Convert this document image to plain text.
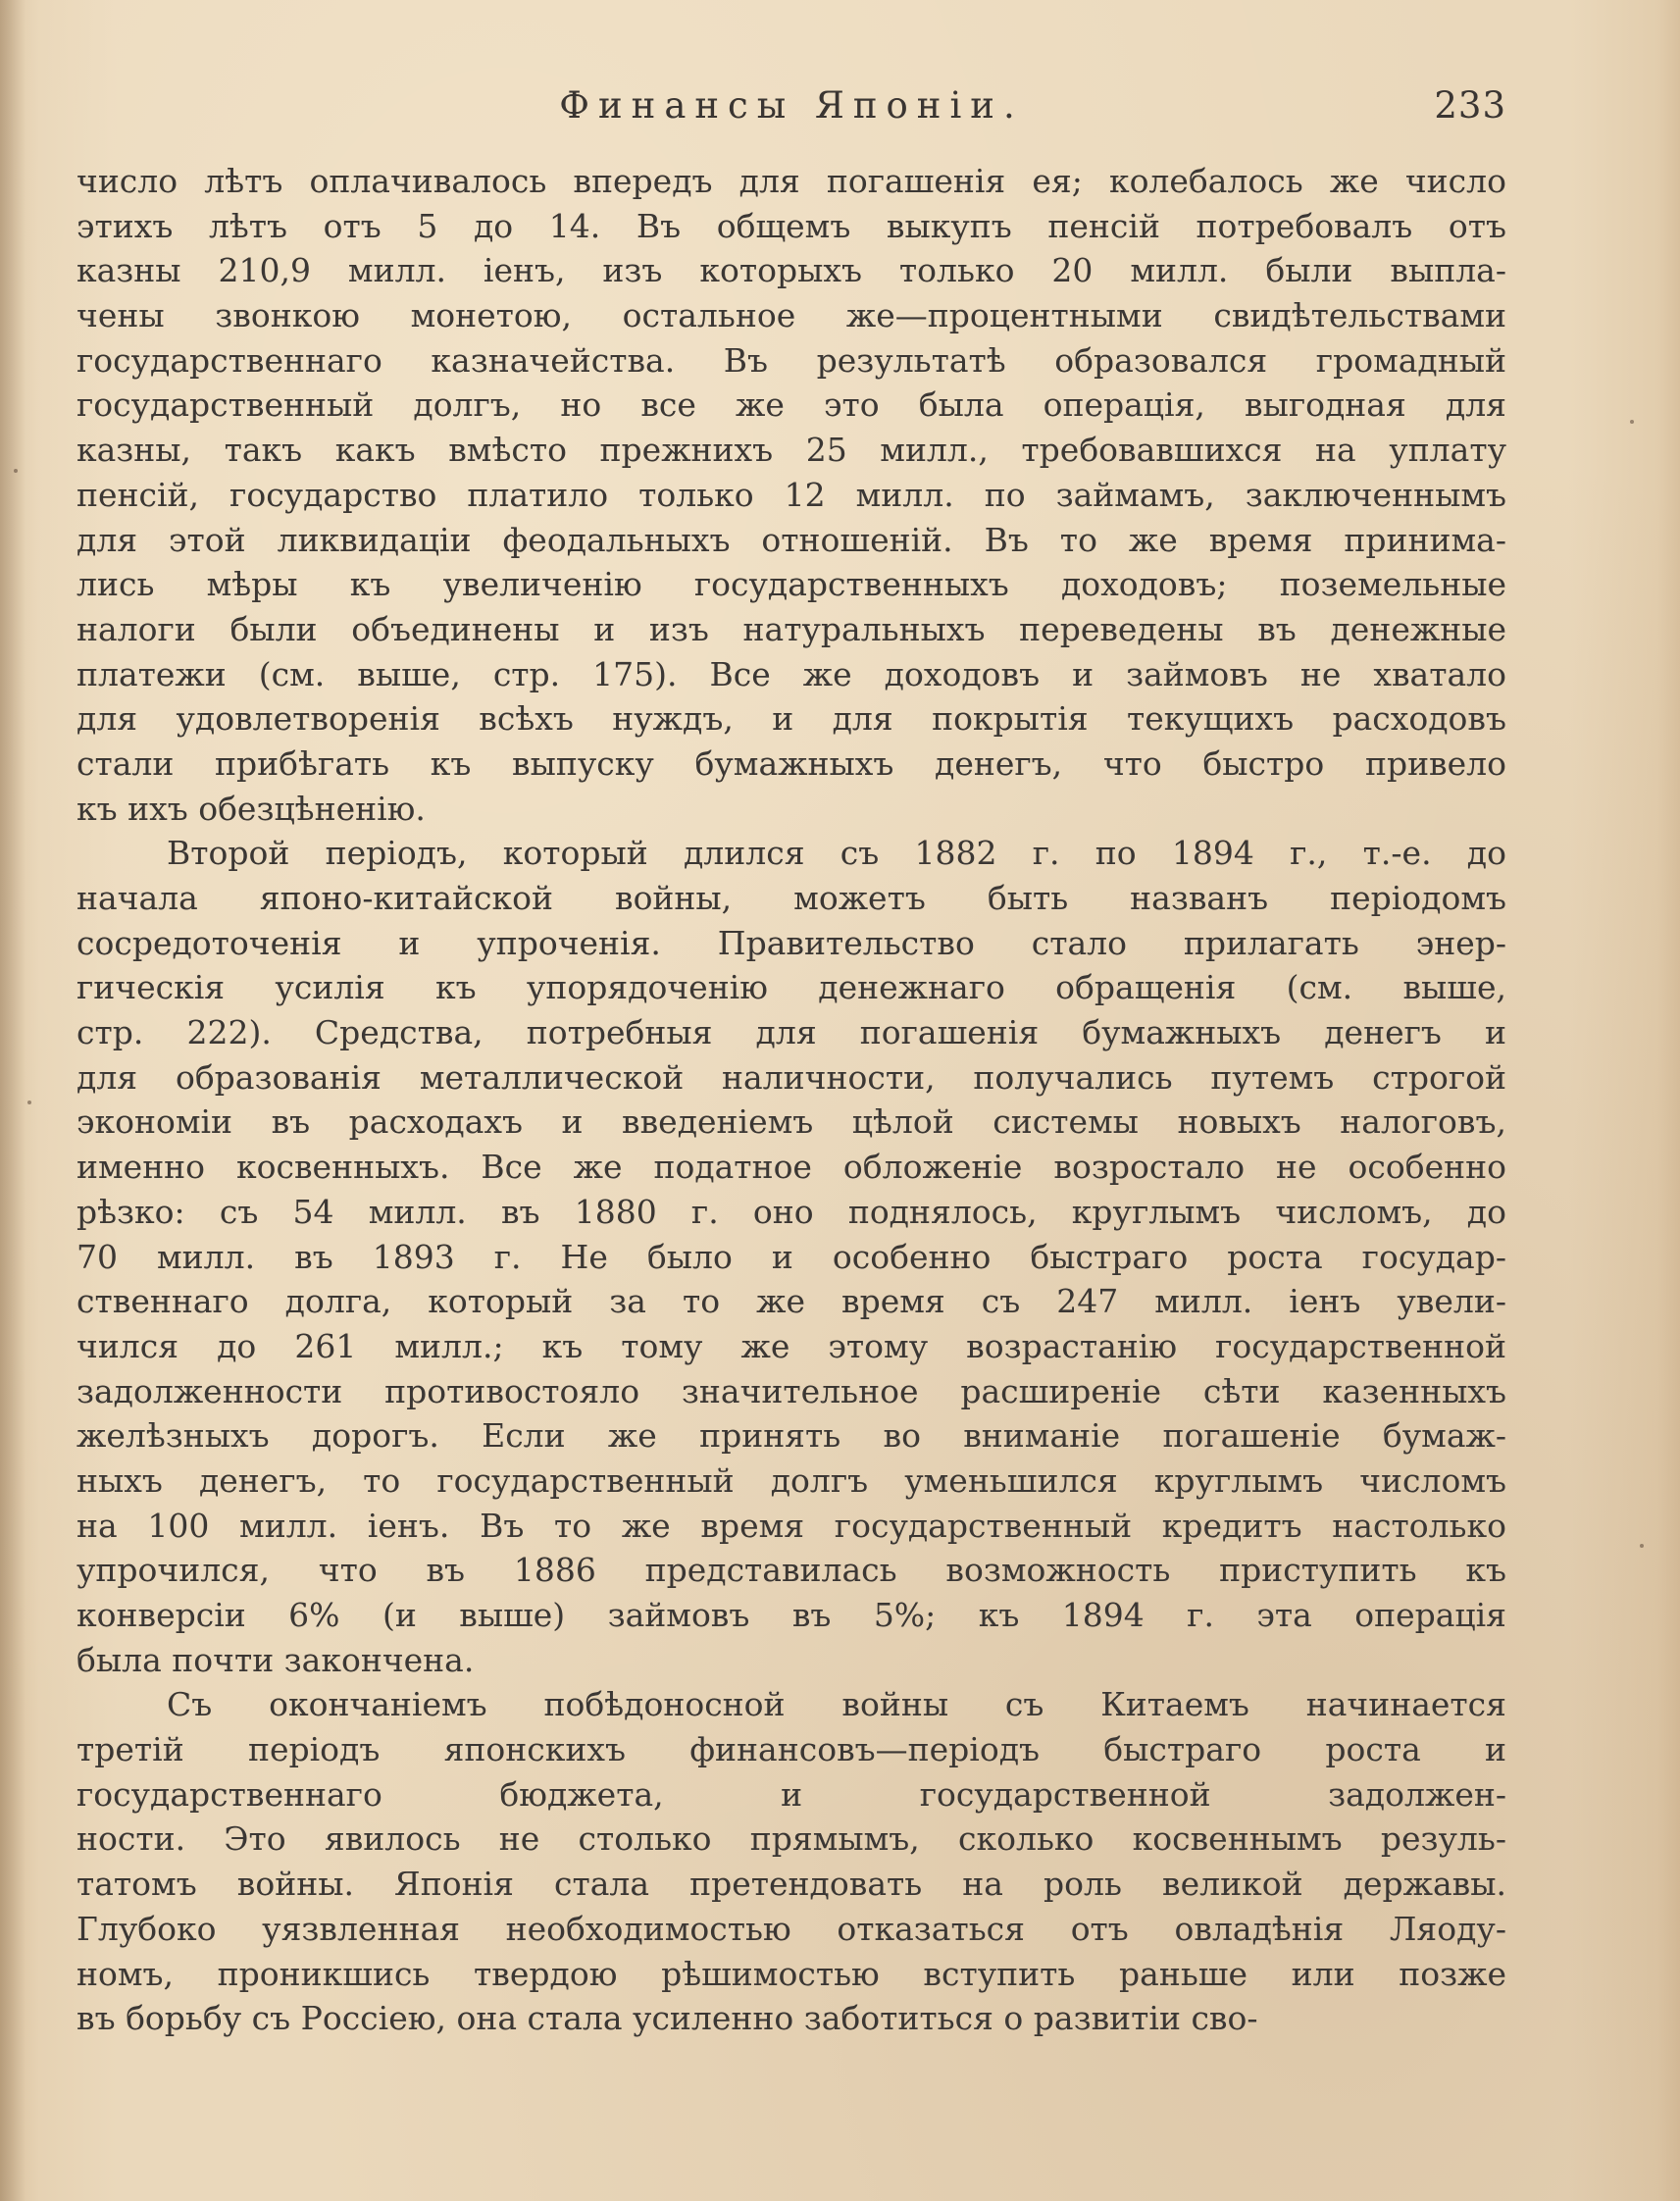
Финансы Японіи.	233
число лѣтъ оплачивалось впередъ для погашенія ея; колебалось же число
этихъ лѣтъ отъ 5 до 14. Въ общемъ выкупъ пенсій потребовалъ отъ
казны 210,9 милл. іенъ, изъ которыхъ только 20 милл. были выпла-
чены звонкою монетою, остальное же—процентными свидѣтельствами
государственнаго казначейства. Въ результатѣ образовался громадный
государственный долгъ, но все же это была операція, выгодная для
казны, такъ какъ вмѣсто прежнихъ 25 милл., требовавшихся на уплату
пенсій, государство платило только 12 милл. по займамъ, заключеннымъ
для этой ликвидаціи феодальныхъ отношеній. Въ то же время принима-
лись мѣры къ увеличенію государственныхъ доходовъ; поземельные
налоги были объединены и изъ натуральныхъ переведены въ денежные
платежи (см. выше, стр. 175). Все же доходовъ и займовъ не хватало
для удовлетворенія всѣхъ нуждъ, и для покрытія текущихъ расходовъ
стали прибѣгать къ выпуску бумажныхъ денегъ, что быстро привело
къ ихъ обезцѣненію.
Второй періодъ, который длился съ 1882 г. по 1894 г., т.-е. до
начала японо-китайской войны, можетъ быть названъ періодомъ
сосредоточенія и упроченія. Правительство стало прилагать энер-
гическія усилія къ упорядоченію денежнаго обращенія (см. выше,
стр. 222). Средства, потребныя для погашенія бумажныхъ денегъ и
для образованія металлической наличности, получались путемъ строгой
экономіи въ расходахъ и введеніемъ цѣлой системы новыхъ налоговъ,
именно косвенныхъ. Все же податное обложеніе возростало не особенно
рѣзко: съ 54 милл. въ 1880 г. оно поднялось, круглымъ числомъ, до
70 милл. въ 1893 г. Не было и особенно быстраго роста государ-
ственнаго долга, который за то же время съ 247 милл. іенъ увели-
чился до 261 милл.; къ тому же этому возрастанію государственной
задолженности противостояло значительное расширеніе сѣти казенныхъ
желѣзныхъ дорогъ. Если же принять во вниманіе погашеніе бумаж-
ныхъ денегъ, то государственный долгъ уменьшился круглымъ числомъ
на 100 милл. іенъ. Въ то же время государственный кредитъ настолько
упрочился, что въ 1886 представилась возможность приступить къ
конверсіи 6% (и выше) займовъ въ 5%; къ 1894 г. эта операція
была почти закончена.
Съ окончаніемъ побѣдоносной войны съ Китаемъ начинается
третій періодъ японскихъ финансовъ—періодъ быстраго роста и
государственнаго бюджета, и государственной задолжен-
ности. Это явилось не столько прямымъ, сколько косвеннымъ резуль-
татомъ войны. Японія стала претендовать на роль великой державы.
Глубоко уязвленная необходимостью отказаться отъ овладѣнія Ляоду-
номъ, проникшись твердою рѣшимостью вступить раньше или позже
въ борьбу съ Россіею, она стала усиленно заботиться о развитіи сво-
